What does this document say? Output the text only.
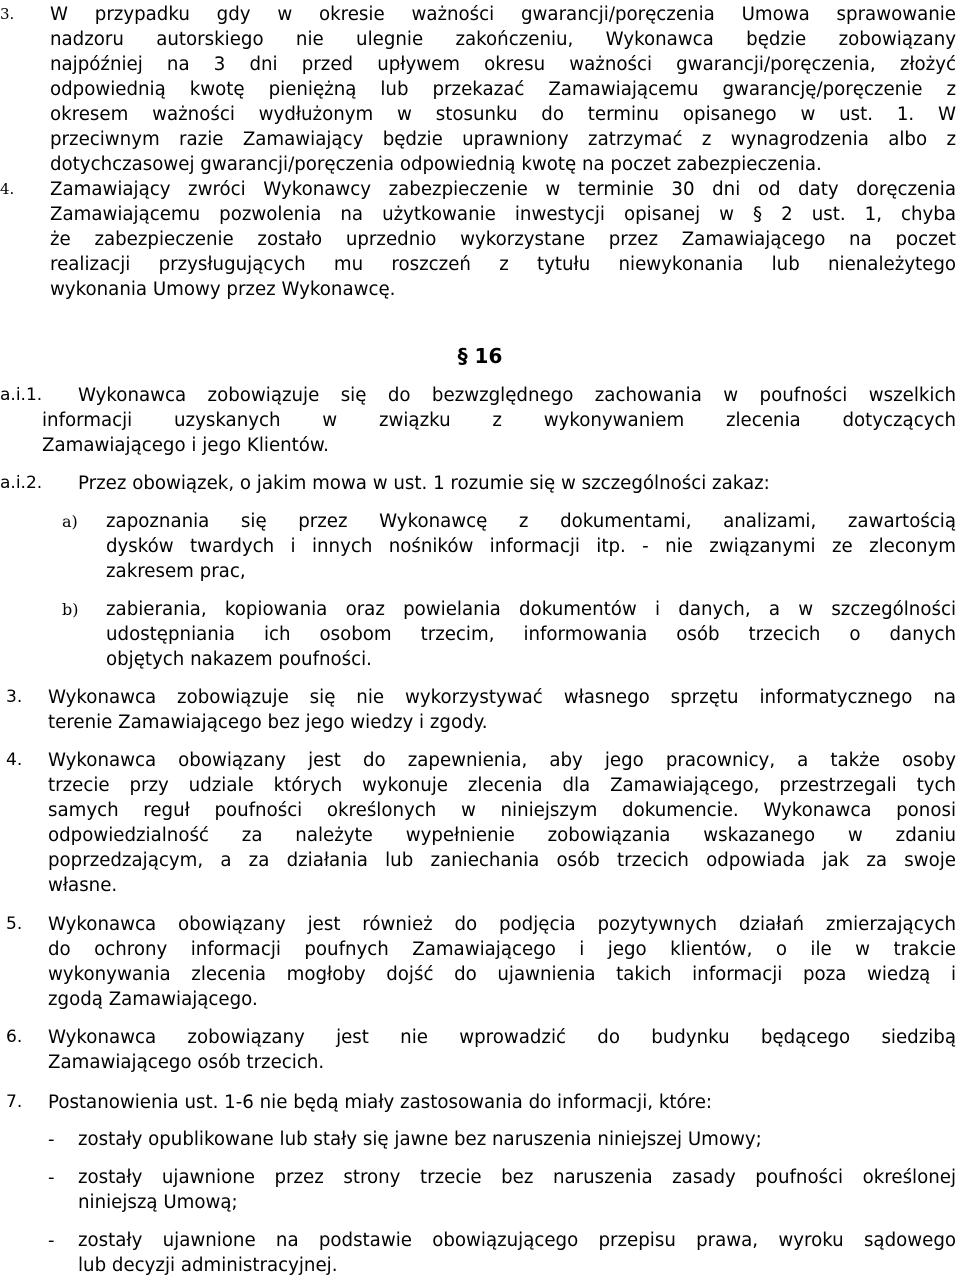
3. W przypadku gdy w okresie ważności gwarancji/poręczenia Umowa sprawowanie
nadzoru autorskiego nie ulegnie zakończeniu, Wykonawca będzie zobowiązany
najpóźniej na 3 dni przed upływem okresu ważności gwarancji/poręczenia, złożyć
odpowiednią kwotę pieniężną lub przekazać Zamawiającemu gwarancję/poręczenie z
okresem ważności wydłużonym w stosunku do terminu opisanego w ust. 1. W
przeciwnym razie Zamawiający będzie uprawniony zatrzymać z wynagrodzenia albo z
dotychczasowej gwarancji/poręczenia odpowiednią kwotę na poczet zabezpieczenia.
4. Zamawiający zwróci Wykonawcy zabezpieczenie w terminie 30 dni od daty doręczenia
Zamawiającemu pozwolenia na użytkowanie inwestycji opisanej w § 2 ust. 1, chyba
że zabezpieczenie zostało uprzednio wykorzystane przez Zamawiającego na poczet
realizacji przysługujących mu roszczeń z tytułu niewykonania lub nienależytego
wykonania Umowy przez Wykonawcę.
§ 16
a.i.1. Wykonawca zobowiązuje się do bezwzględnego zachowania w poufności wszelkich
informacji uzyskanych w związku z wykonywaniem zlecenia dotyczących
Zamawiającego i jego Klientów.
a.i.2. Przez obowiązek, o jakim mowa w ust. 1 rozumie się w szczególności zakaz:
a) zapoznania się przez Wykonawcę z dokumentami, analizami, zawartością
dysków twardych i innych nośników informacji itp. - nie związanymi ze zleconym
zakresem prac,
b) zabierania, kopiowania oraz powielania dokumentów i danych, a w szczególności
udostępniania ich osobom trzecim, informowania osób trzecich o danych
objętych nakazem poufności.
3. Wykonawca zobowiązuje się nie wykorzystywać własnego sprzętu informatycznego na
terenie Zamawiającego bez jego wiedzy i zgody.
4. Wykonawca obowiązany jest do zapewnienia, aby jego pracownicy, a także osoby
trzecie przy udziale których wykonuje zlecenia dla Zamawiającego, przestrzegali tych
samych reguł poufności określonych w niniejszym dokumencie. Wykonawca ponosi
odpowiedzialność za należyte wypełnienie zobowiązania wskazanego w zdaniu
poprzedzającym, a za działania lub zaniechania osób trzecich odpowiada jak za swoje
własne.
5. Wykonawca obowiązany jest również do podjęcia pozytywnych działań zmierzających
do ochrony informacji poufnych Zamawiającego i jego klientów, o ile w trakcie
wykonywania zlecenia mogłoby dojść do ujawnienia takich informacji poza wiedzą i
zgodą Zamawiającego.
6. Wykonawca zobowiązany jest nie wprowadzić do budynku będącego siedzibą
Zamawiającego osób trzecich.
7. Postanowienia ust. 1-6 nie będą miały zastosowania do informacji, które:
- zostały opublikowane lub stały się jawne bez naruszenia niniejszej Umowy;
- zostały ujawnione przez strony trzecie bez naruszenia zasady poufności określonej
niniejszą Umową;
- zostały ujawnione na podstawie obowiązującego przepisu prawa, wyroku sądowego
lub decyzji administracyjnej.
